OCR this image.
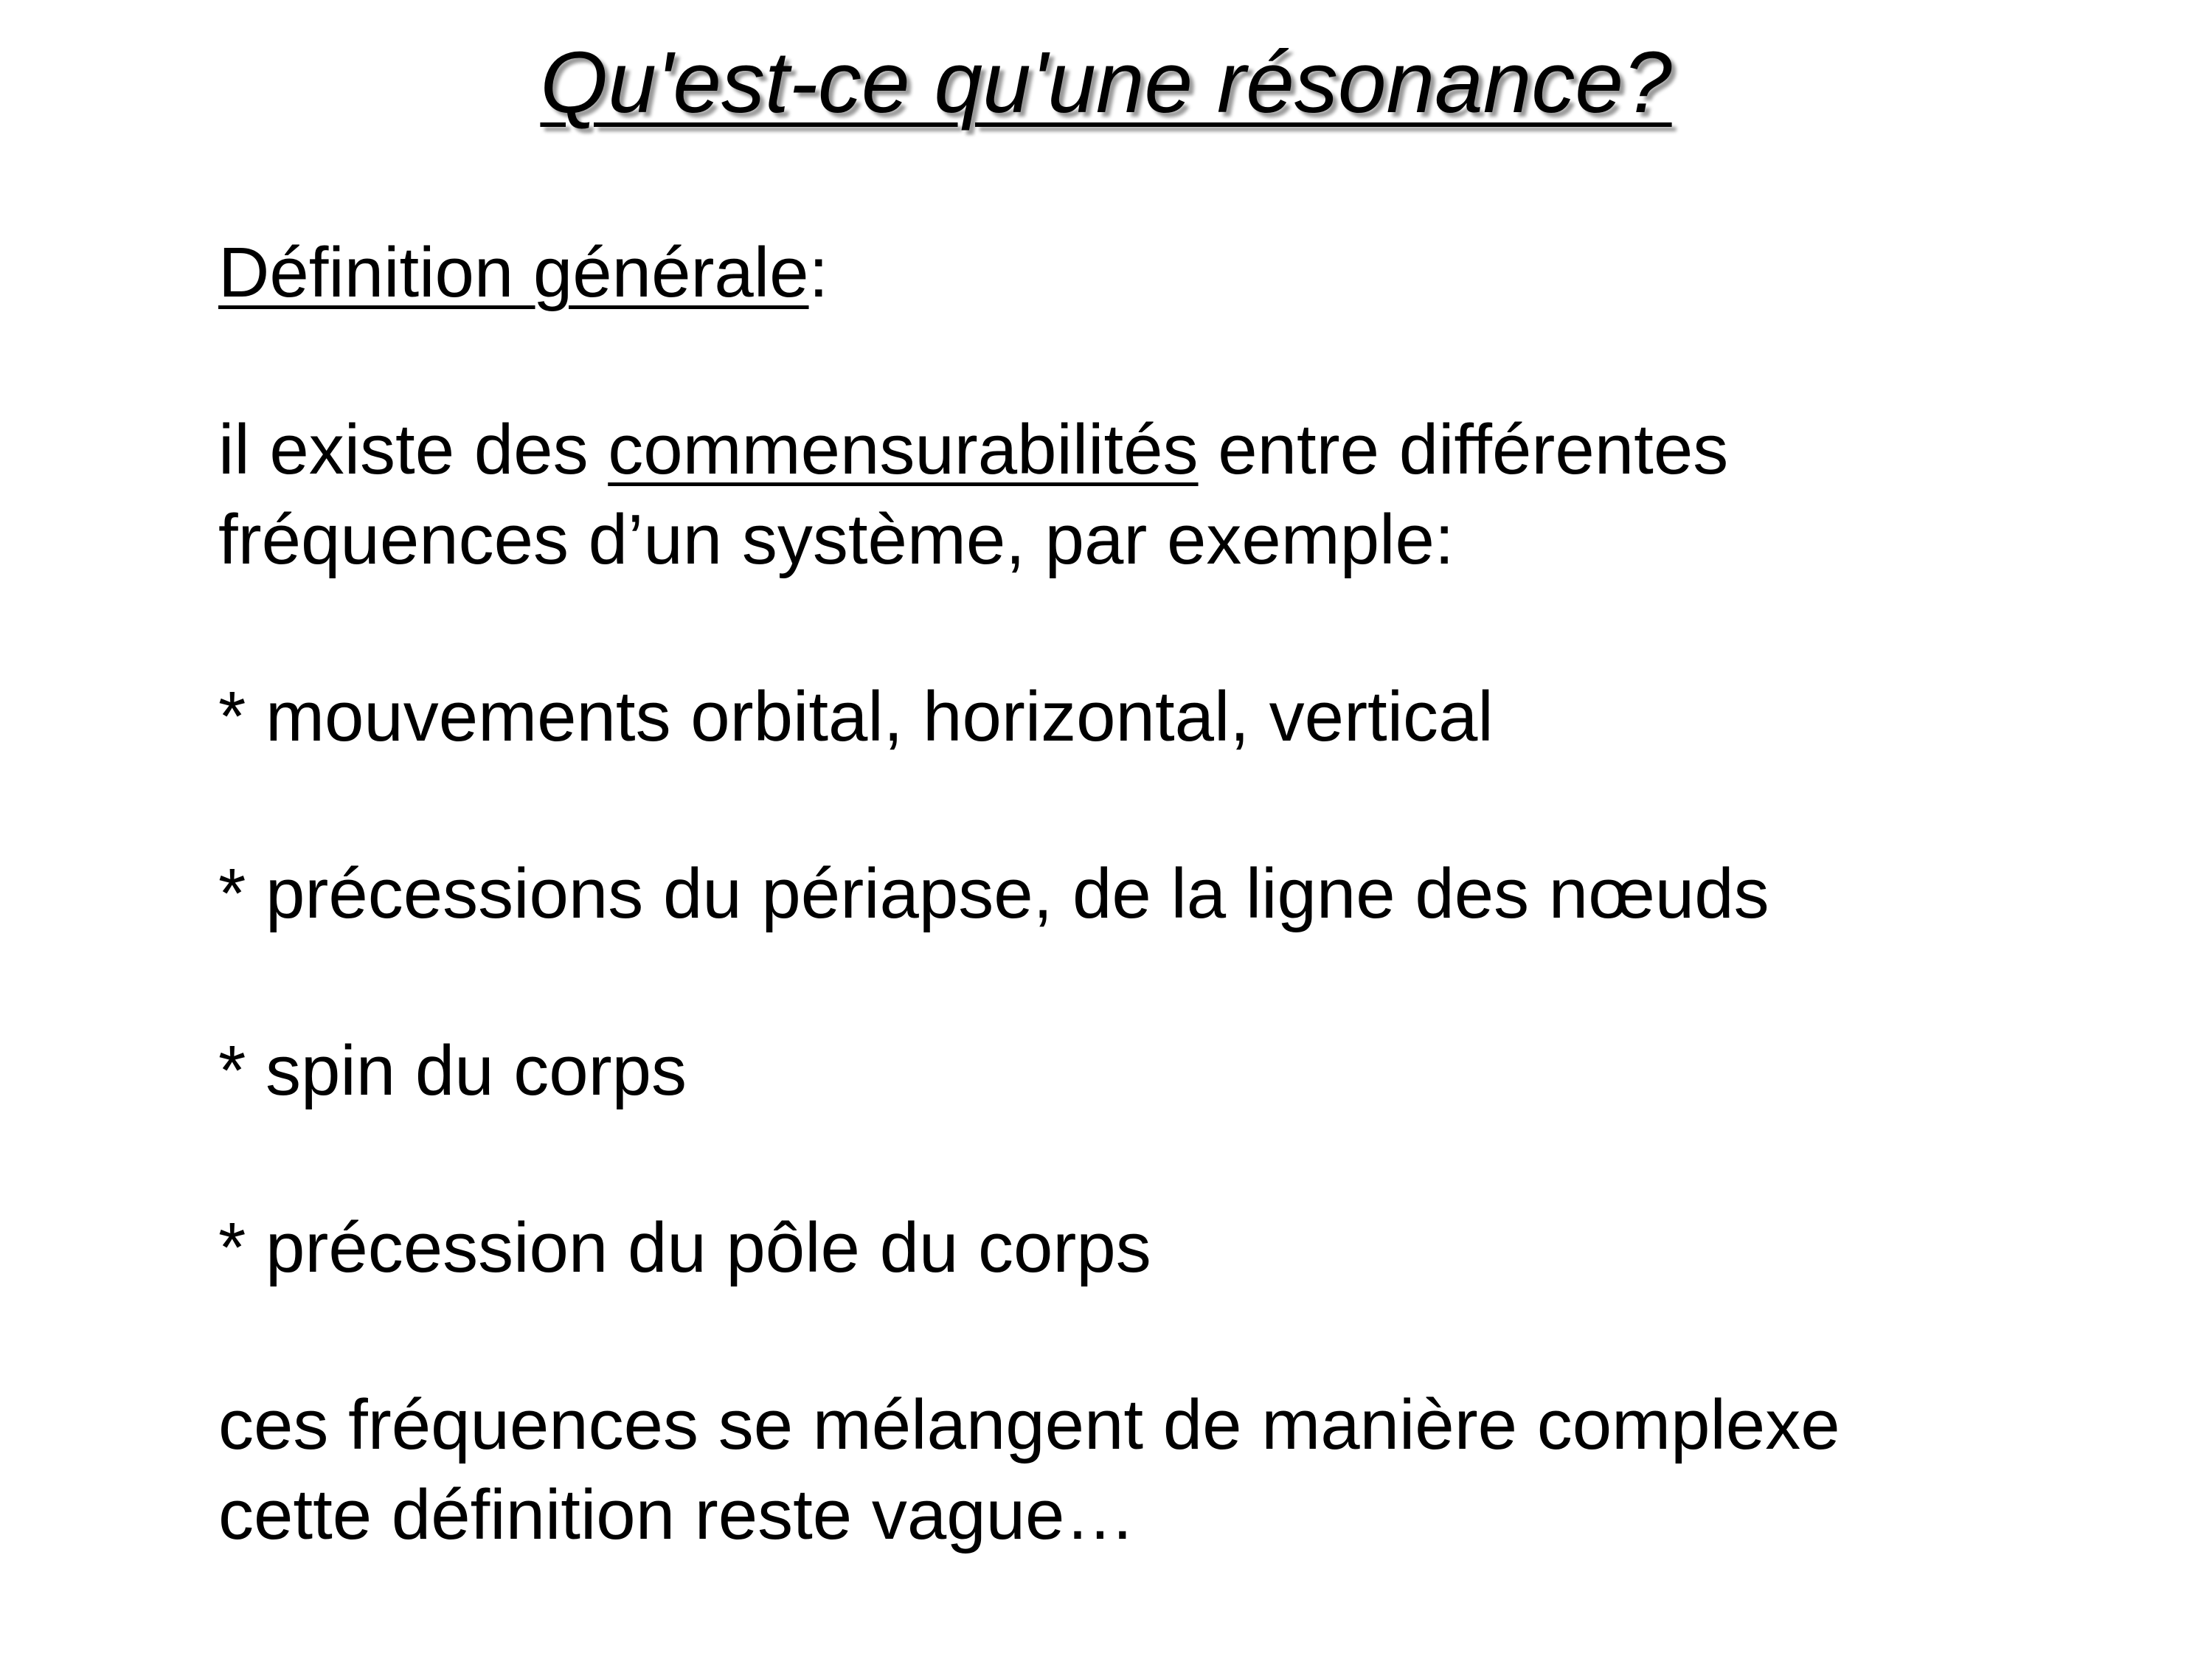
Qu'est-ce qu'une résonance?
Définition générale:
il existe des commensurabilités entre différentes
fréquences d’un système, par exemple:
* mouvements orbital, horizontal, vertical
* précessions du périapse, de la ligne des nœuds
* spin du corps
* précession du pôle du corps
ces fréquences se mélangent de manière complexe
cette définition reste vague…
